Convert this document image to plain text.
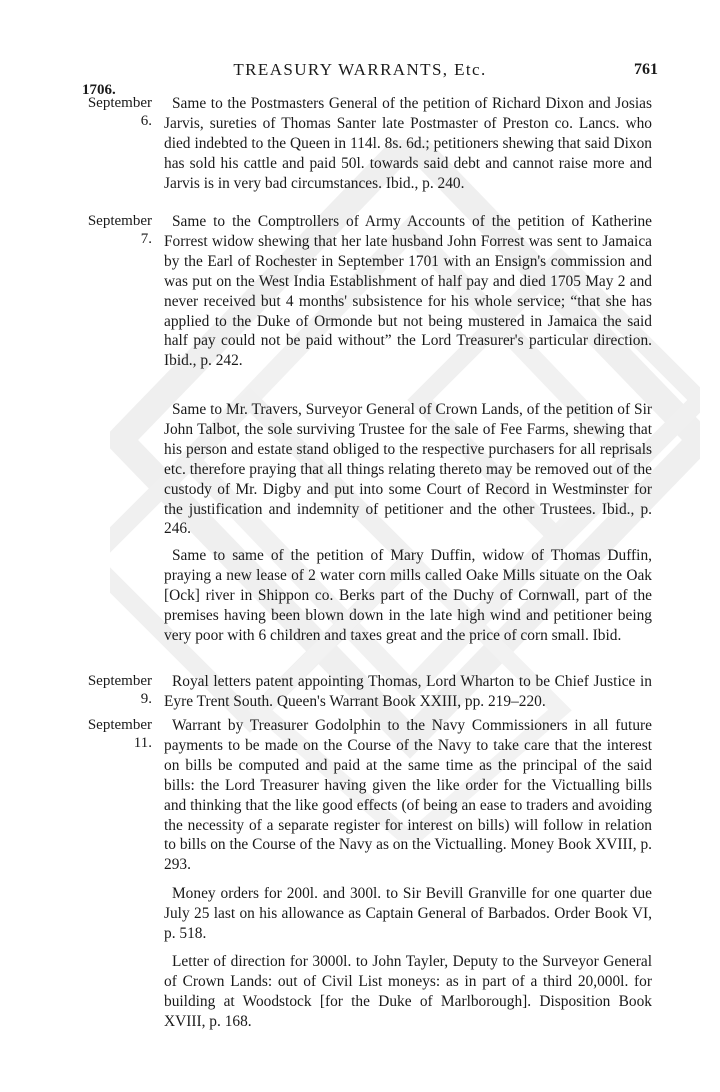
TREASURY WARRANTS, Etc.	761
1706.
September
6.

Same to the Postmasters General of the petition of Richard Dixon and Josias Jarvis, sureties of Thomas Santer late Postmaster of Preston co. Lancs. who died indebted to the Queen in 114l. 8s. 6d.; petitioners shewing that said Dixon has sold his cattle and paid 50l. towards said debt and cannot raise more and Jarvis is in very bad circumstances. Ibid., p. 240.

September
7.

Same to the Comptrollers of Army Accounts of the petition of Katherine Forrest widow shewing that her late husband John Forrest was sent to Jamaica by the Earl of Rochester in September 1701 with an Ensign's commission and was put on the West India Establishment of half pay and died 1705 May 2 and never received but 4 months' subsistence for his whole service; “that she has applied to the Duke of Ormonde but not being mustered in Jamaica the said half pay could not be paid without” the Lord Treasurer's particular direction. Ibid., p. 242.

Same to Mr. Travers, Surveyor General of Crown Lands, of the petition of Sir John Talbot, the sole surviving Trustee for the sale of Fee Farms, shewing that his person and estate stand obliged to the respective purchasers for all reprisals etc. therefore praying that all things relating thereto may be removed out of the custody of Mr. Digby and put into some Court of Record in Westminster for the justification and indemnity of petitioner and the other Trustees. Ibid., p. 246.

Same to same of the petition of Mary Duffin, widow of Thomas Duffin, praying a new lease of 2 water corn mills called Oake Mills situate on the Oak [Ock] river in Shippon co. Berks part of the Duchy of Cornwall, part of the premises having been blown down in the late high wind and petitioner being very poor with 6 children and taxes great and the price of corn small. Ibid.

September
9.

Royal letters patent appointing Thomas, Lord Wharton to be Chief Justice in Eyre Trent South. Queen's Warrant Book XXIII, pp. 219–220.

September
11.

Warrant by Treasurer Godolphin to the Navy Commissioners in all future payments to be made on the Course of the Navy to take care that the interest on bills be computed and paid at the same time as the principal of the said bills: the Lord Treasurer having given the like order for the Victualling bills and thinking that the like good effects (of being an ease to traders and avoiding the necessity of a separate register for interest on bills) will follow in relation to bills on the Course of the Navy as on the Victualling. Money Book XVIII, p. 293.

Money orders for 200l. and 300l. to Sir Bevill Granville for one quarter due July 25 last on his allowance as Captain General of Barbados. Order Book VI, p. 518.

Letter of direction for 3000l. to John Tayler, Deputy to the Surveyor General of Crown Lands: out of Civil List moneys: as in part of a third 20,000l. for building at Woodstock [for the Duke of Marlborough]. Disposition Book XVIII, p. 168.
